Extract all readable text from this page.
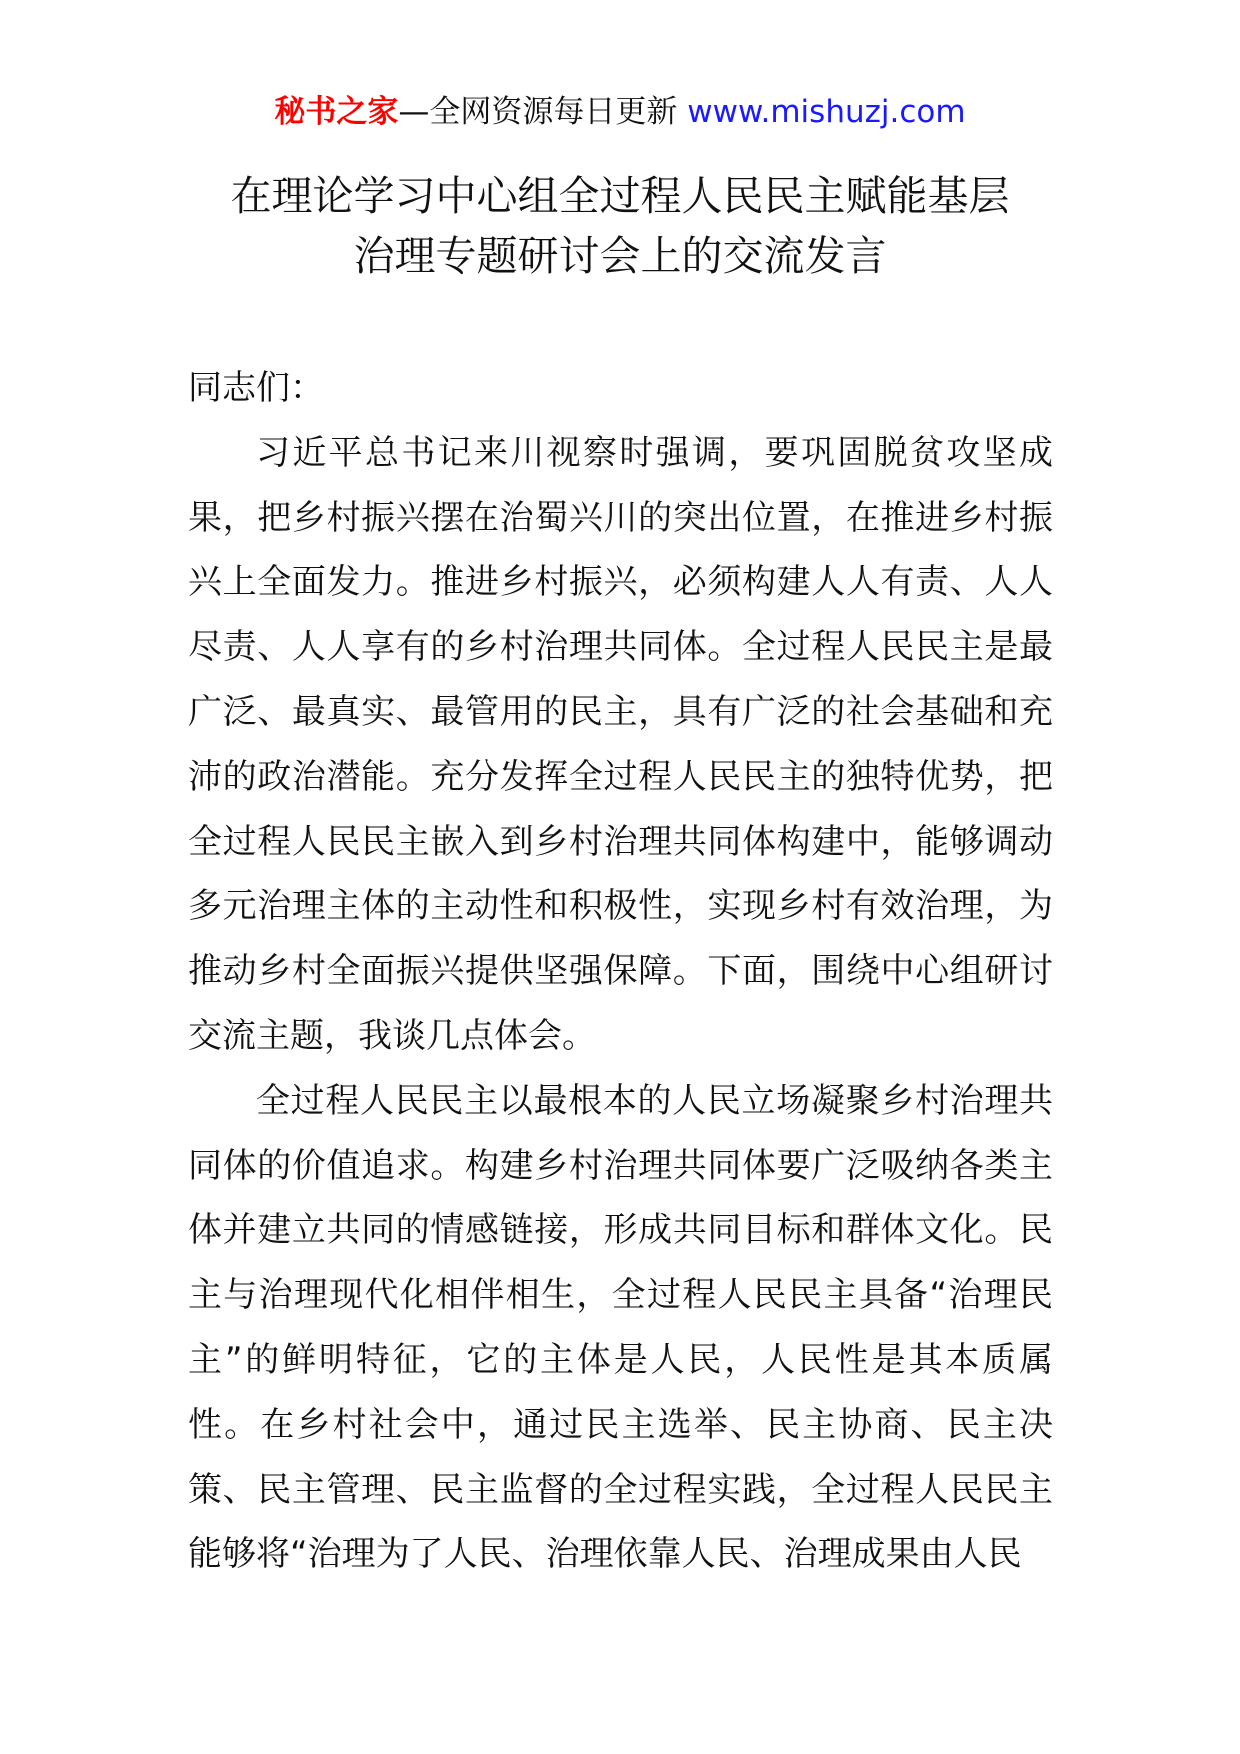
秘书之家—全网资源每日更新 www.mishuzj.com
在理论学习中心组全过程人民民主赋能基层
治理专题研讨会上的交流发言

同志们：

习近平总书记来川视察时强调，要巩固脱贫攻坚成果，把乡村振兴摆在治蜀兴川的突出位置，在推进乡村振兴上全面发力。推进乡村振兴，必须构建人人有责、人人尽责、人人享有的乡村治理共同体。全过程人民民主是最广泛、最真实、最管用的民主，具有广泛的社会基础和充沛的政治潜能。充分发挥全过程人民民主的独特优势，把全过程人民民主嵌入到乡村治理共同体构建中，能够调动多元治理主体的主动性和积极性，实现乡村有效治理，为推动乡村全面振兴提供坚强保障。下面，围绕中心组研讨交流主题，我谈几点体会。

全过程人民民主以最根本的人民立场凝聚乡村治理共同体的价值追求。构建乡村治理共同体要广泛吸纳各类主体并建立共同的情感链接，形成共同目标和群体文化。民主与治理现代化相伴相生，全过程人民民主具备“治理民主”的鲜明特征，它的主体是人民，人民性是其本质属性。在乡村社会中，通过民主选举、民主协商、民主决策、民主管理、民主监督的全过程实践，全过程人民民主能够将“治理为了人民、治理依靠人民、治理成果由人民
